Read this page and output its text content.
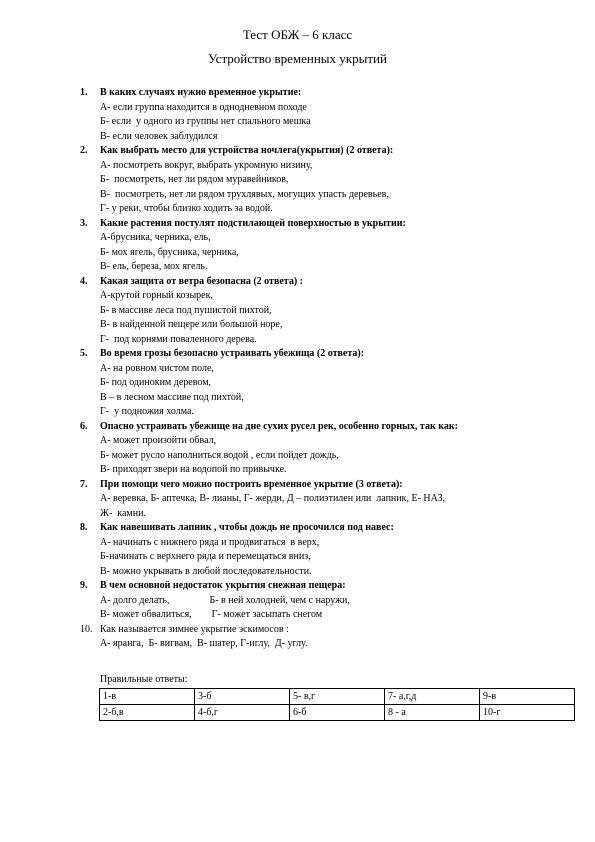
Тест ОБЖ – 6 класс
Устройство временных укрытий
1. В каких случаях нужно временное укрытие:
А- если группа находится в однодневном походе
Б- если  у одного из группы нет спального мешка
В- если человек заблудился
2. Как выбрать место для устройства ночлега(укрытия) (2 ответа):
А- посмотреть вокруг, выбрать укромную низину,
Б-  посмотреть, нет ли рядом муравейников,
В-  посмотреть, нет ли рядом трухлявых, могущих упасть деревьев,
Г- у реки, чтобы близко ходить за водой.
3. Какие растения постулят подстилающей поверхностью в укрытии:
А-брусника, черника, ель,
Б- мох ягель, брусника, черника,
В- ель, береза, мох ягель.
4. Какая защита от ветра безопасна (2 ответа) :
А-крутой горный козырек,
Б- в массиве леса под пушистой пихтой,
В- в найденной пещере или большой норе,
Г-  под корнями поваленного дерева.
5. Во время грозы безопасно устраивать убежища (2 ответа):
А- на ровном чистом поле,
Б- под одиноким деревом,
В – в лесном массиве под пихтой,
Г-  у подножия холма.
6. Опасно устраивать убежище на дне сухих русел рек, особенно горных, так как:
А- может произойти обвал,
Б- может русло наполниться водой , если пойдет дождь,
В- приходят звери на водопой по привычке.
7. При помощи чего можно построить временное укрытие (3 ответа):
А- веревка, Б- аптечка, В- лианы, Г- жерди, Д – полиэтилен или  лапник, Е- НАЗ,
Ж-  камни.
8. Как навешивать лапник , чтобы дождь не просочился под навес:
А- начинать с нижнего ряда и продвигаться  в верх,
Б-начинать с верхнего ряда и перемещаться вниз,
В- можно укрывать в любой последовательности.
9. В чем основной недостаток укрытия снежная пещера:
А- долго делать,                Б- в ней холодней, чем с наружи,
В- может обвалиться,        Г- может засыпать снегом
10. Как называется зимнее укрытие эскимосов :
А- яранга,  Б- вигвам,  В- шатер, Г-иглу,  Д- углу.
Правильные ответы:
1-в	3-б	5- в,г	7- а,г,д	9-в
2-б,в	4-б,г	6-б	8 - а	10-г
